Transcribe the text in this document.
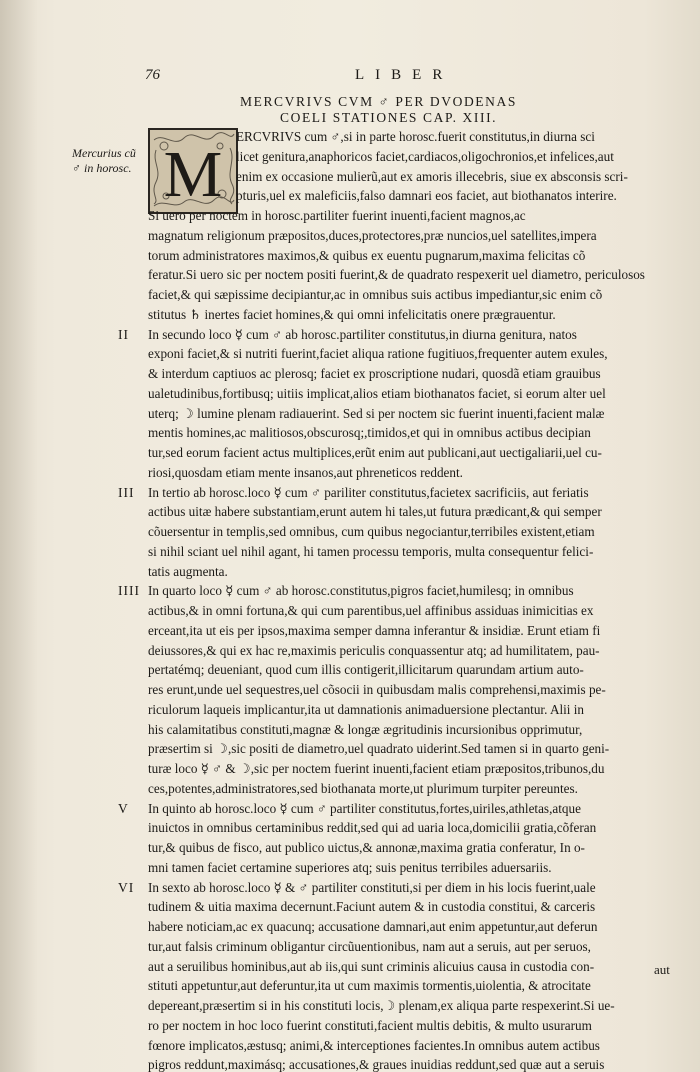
76	LIBER
MERCVRIVS CVM ♂ PER DVODENAS
COELI STATIONES CAP. XIII.
Mercurius cũ
♂ in horosc. M
II
III
IIII
V
VI
ERCVRIVS cum ♂,si in parte horosc.fuerit constitutus,in diurna sci
licet genitura,anaphoricos faciet,cardiacos,oligochronios,et infelices,aut
enim ex occasione mulierũ,aut ex amoris illecebris, siue ex absconsis scri-
pturis,uel ex maleficiis,falso damnari eos faciet, aut biothanatos interire.
Si uero per noctem in horosc.partiliter fuerint inuenti,facient magnos,ac
magnatum religionum præpositos,duces,protectores,præ nuncios,uel satellites,impera
torum administratores maximos,& quibus ex euentu pugnarum,maxima felicitas cõ
feratur.Si uero sic per noctem positi fuerint,& de quadrato respexerit uel diametro, periculosos
faciet,& qui sæpissime decipiantur,ac in omnibus suis actibus impediantur,sic enim cõ
stitutus ♄ inertes faciet homines,& qui omni infelicitatis onere prægrauentur.
In secundo loco ☿ cum ♂ ab horosc.partiliter constitutus,in diurna genitura, natos
exponi faciet,& si nutriti fuerint,faciet aliqua ratione fugitiuos,frequenter autem exules,
& interdum captiuos ac plerosq; faciet ex proscriptione nudari, quosdã etiam grauibus
ualetudinibus,fortibusq; uitiis implicat,alios etiam biothanatos faciet, si eorum alter uel
uterq; ☽ lumine plenam radiauerint. Sed si per noctem sic fuerint inuenti,facient malæ
mentis homines,ac malitiosos,obscurosq;,timidos,et qui in omnibus actibus decipian
tur,sed eorum facient actus multiplices,erũt enim aut publicani,aut uectigaliarii,uel cu-
riosi,quosdam etiam mente insanos,aut phreneticos reddent.
In tertio ab horosc.loco ☿ cum ♂ pariliter constitutus,facietex sacrificiis, aut feriatis
actibus uitæ habere substantiam,erunt autem hi tales,ut futura prædicant,& qui semper
cõuersentur in templis,sed omnibus, cum quibus negociantur,terribiles existent,etiam
si nihil sciant uel nihil agant, hi tamen processu temporis, multa consequentur felici-
tatis augmenta.
In quarto loco ☿ cum ♂ ab horosc.constitutus,pigros faciet,humilesq; in omnibus
actibus,& in omni fortuna,& qui cum parentibus,uel affinibus assiduas inimicitias ex
erceant,ita ut eis per ipsos,maxima semper damna inferantur & insidiæ. Erunt etiam fi
deiussores,& qui ex hac re,maximis periculis conquassentur atq; ad humilitatem, pau-
pertatémq; deueniant, quod cum illis contigerit,illicitarum quarundam artium auto-
res erunt,unde uel sequestres,uel cõsocii in quibusdam malis comprehensi,maximis pe-
riculorum laqueis implicantur,ita ut damnationis animaduersione plectantur. Alii in
his calamitatibus constituti,magnæ & longæ ægritudinis incursionibus opprimutur,
præsertim si ☽,sic positi de diametro,uel quadrato uiderint.Sed tamen si in quarto geni-
turæ loco ☿ ♂ & ☽,sic per noctem fuerint inuenti,facient etiam præpositos,tribunos,du
ces,potentes,administratores,sed biothanata morte,ut plurimum turpiter pereuntes.
In quinto ab horosc.loco ☿ cum ♂ partiliter constitutus,fortes,uiriles,athletas,atque
inuictos in omnibus certaminibus reddit,sed qui ad uaria loca,domicilii gratia,cõferan
tur,& quibus de fisco, aut publico uictus,& annonæ,maxima gratia conferatur, In o-
mni tamen faciet certamine superiores atq; suis penitus terribiles aduersariis.
In sexto ab horosc.loco ☿ & ♂ partiliter constituti,si per diem in his locis fuerint,uale
tudinem & uitia maxima decernunt.Faciunt autem & in custodia constitui, & carceris
habere noticiam,ac ex quacunq; accusatione damnari,aut enim appetuntur,aut deferun
tur,aut falsis criminum obligantur circũuentionibus, nam aut a seruis, aut per seruos,
aut a seruilibus hominibus,aut ab iis,qui sunt criminis alicuius causa in custodia con-
stituti appetuntur,aut deferuntur,ita ut cum maximis tormentis,uiolentia, & atrocitate
depereant,præsertim si in his constituti locis,☽ plenam,ex aliqua parte respexerint.Si ue-
ro per noctem in hoc loco fuerint constituti,facient multis debitis, & multo usurarum
fœnore implicatos,æstusq; animi,& interceptiones facientes.In omnibus autem actibus
pigros reddunt,maximásq; accusationes,& graues inuidias reddunt,sed quæ aut a seruis
aut
